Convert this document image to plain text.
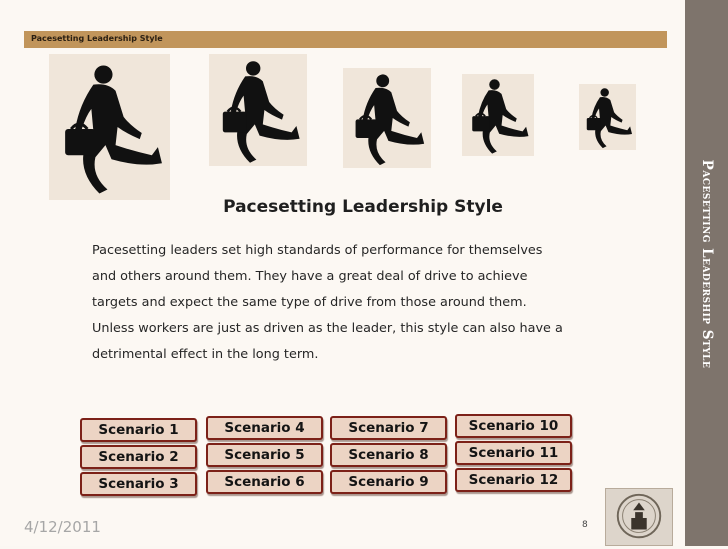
Pacesetting Leadership Style
Pacesetting Leadership Style
Pacesetting Leadership Style

Pacesetting leaders set high standards of performance for themselves

and others around them. They have a great deal of drive to achieve

targets and expect the same type of drive from those around them.

Unless workers are just as driven as the leader, this style can also have a

detrimental effect in the long term.

Scenario 1
Scenario 2
Scenario 3
Scenario 4
Scenario 5
Scenario 6
Scenario 7
Scenario 8
Scenario 9
Scenario 10
Scenario 11
Scenario 12
4/12/2011	8
